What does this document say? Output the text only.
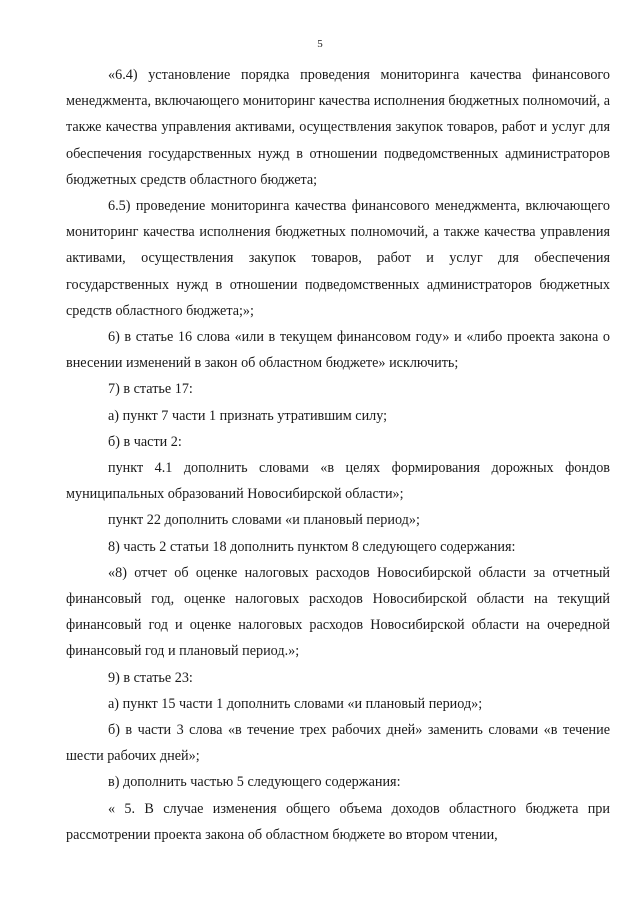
5

«6.4) установление порядка проведения мониторинга качества финансового менеджмента, включающего мониторинг качества исполнения бюджетных полномочий, а также качества управления активами, осуществления закупок товаров, работ и услуг для обеспечения государственных нужд в отношении подведомственных администраторов бюджетных средств областного бюджета;

6.5) проведение мониторинга качества финансового менеджмента, включающего мониторинг качества исполнения бюджетных полномочий, а также качества управления активами, осуществления закупок товаров, работ и услуг для обеспечения государственных нужд в отношении подведомственных администраторов бюджетных средств областного бюджета;»;

6) в статье 16 слова «или в текущем финансовом году» и «либо проекта закона о внесении изменений в закон об областном бюджете» исключить;

7) в статье 17:

а) пункт 7 части 1 признать утратившим силу;

б) в части 2:

пункт 4.1 дополнить словами «в целях формирования дорожных фондов муниципальных образований Новосибирской области»;

пункт 22 дополнить словами «и плановый период»;

8) часть 2 статьи 18 дополнить пунктом 8 следующего содержания:

«8) отчет об оценке налоговых расходов Новосибирской области за отчетный финансовый год, оценке налоговых расходов Новосибирской области на текущий финансовый год и оценке налоговых расходов Новосибирской области на очередной финансовый год и плановый период.»;

9) в статье 23:

а) пункт 15 части 1 дополнить словами «и плановый период»;

б) в части 3 слова «в течение трех рабочих дней» заменить словами «в течение шести рабочих дней»;

в) дополнить частью 5 следующего содержания:

« 5. В случае изменения общего объема доходов областного бюджета при рассмотрении проекта закона об областном бюджете во втором чтении,
